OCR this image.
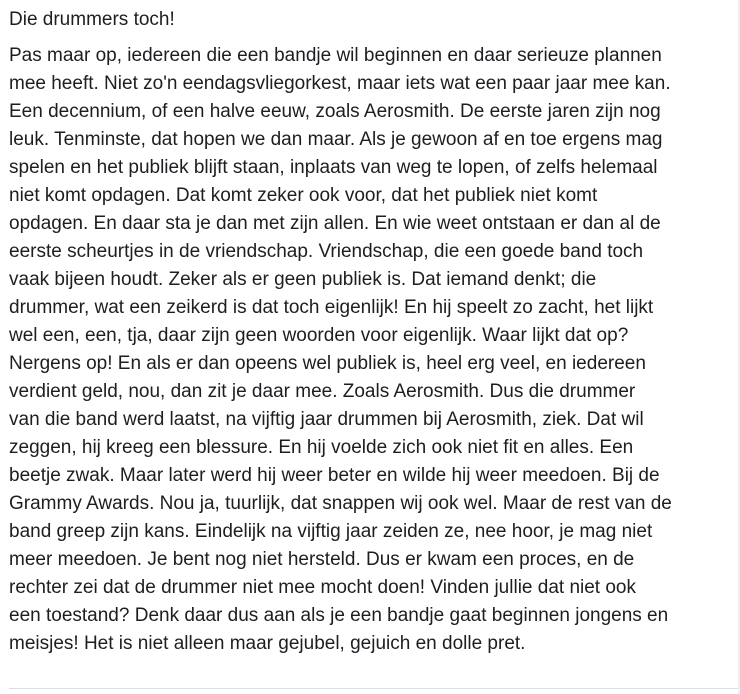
Die drummers toch!
Pas maar op, iedereen die een bandje wil beginnen en daar serieuze plannen
mee heeft. Niet zo'n eendagsvliegorkest, maar iets wat een paar jaar mee kan.
Een decennium, of een halve eeuw, zoals Aerosmith. De eerste jaren zijn nog
leuk. Tenminste, dat hopen we dan maar. Als je gewoon af en toe ergens mag
spelen en het publiek blijft staan, inplaats van weg te lopen, of zelfs helemaal
niet komt opdagen. Dat komt zeker ook voor, dat het publiek niet komt
opdagen. En daar sta je dan met zijn allen. En wie weet ontstaan er dan al de
eerste scheurtjes in de vriendschap. Vriendschap, die een goede band toch
vaak bijeen houdt. Zeker als er geen publiek is. Dat iemand denkt; die
drummer, wat een zeikerd is dat toch eigenlijk! En hij speelt zo zacht, het lijkt
wel een, een, tja, daar zijn geen woorden voor eigenlijk. Waar lijkt dat op?
Nergens op! En als er dan opeens wel publiek is, heel erg veel, en iedereen
verdient geld, nou, dan zit je daar mee. Zoals Aerosmith. Dus die drummer
van die band werd laatst, na vijftig jaar drummen bij Aerosmith, ziek. Dat wil
zeggen, hij kreeg een blessure. En hij voelde zich ook niet fit en alles. Een
beetje zwak. Maar later werd hij weer beter en wilde hij weer meedoen. Bij de
Grammy Awards. Nou ja, tuurlijk, dat snappen wij ook wel. Maar de rest van de
band greep zijn kans. Eindelijk na vijftig jaar zeiden ze, nee hoor, je mag niet
meer meedoen. Je bent nog niet hersteld. Dus er kwam een proces, en de
rechter zei dat de drummer niet mee mocht doen! Vinden jullie dat niet ook
een toestand? Denk daar dus aan als je een bandje gaat beginnen jongens en
meisjes! Het is niet alleen maar gejubel, gejuich en dolle pret.
